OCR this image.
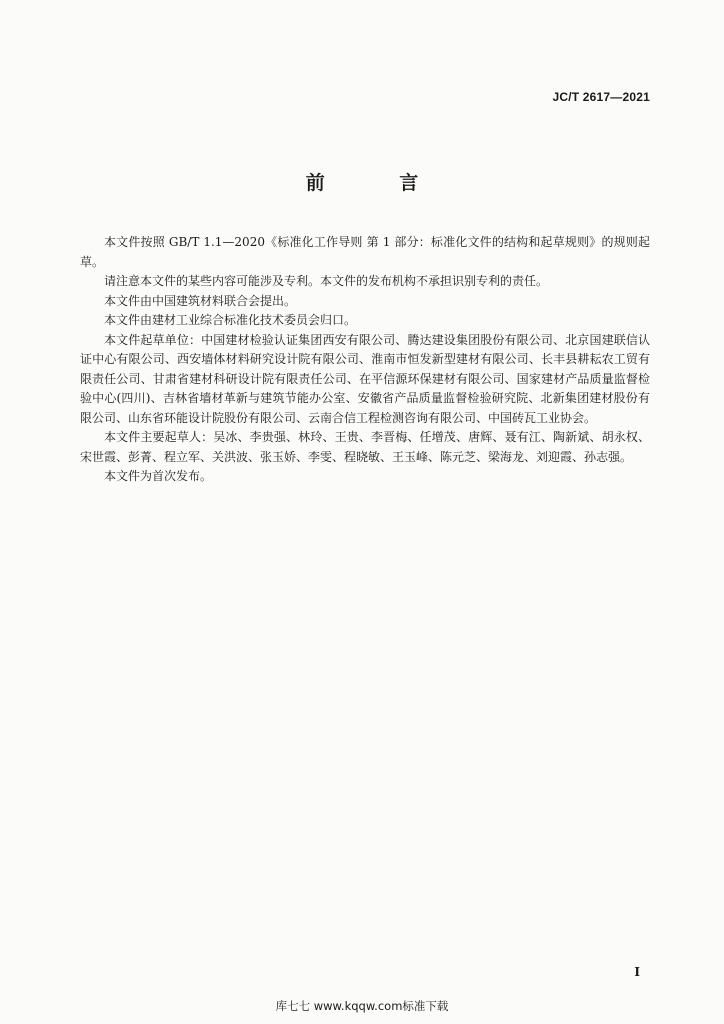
JC/T 2617—2021
前 言

本文件按照 GB/T 1.1—2020《标准化工作导则 第 1 部分：标准化文件的结构和起草规则》的规则起草。

请注意本文件的某些内容可能涉及专利。本文件的发布机构不承担识别专利的责任。

本文件由中国建筑材料联合会提出。

本文件由建材工业综合标准化技术委员会归口。

本文件起草单位：中国建材检验认证集团西安有限公司、腾达建设集团股份有限公司、北京国建联信认证中心有限公司、西安墙体材料研究设计院有限公司、淮南市恒发新型建材有限公司、长丰县耕耘农工贸有限责任公司、甘肃省建材科研设计院有限责任公司、在平信源环保建材有限公司、国家建材产品质量监督检验中心(四川)、吉林省墙材革新与建筑节能办公室、安徽省产品质量监督检验研究院、北新集团建材股份有限公司、山东省环能设计院股份有限公司、云南合信工程检测咨询有限公司、中国砖瓦工业协会。

本文件主要起草人：吴冰、李贵强、林玲、王贵、李晋梅、任增茂、唐辉、聂有江、陶新斌、胡永权、宋世霞、彭菁、程立军、关洪波、张玉娇、李雯、程晓敏、王玉峰、陈元芝、梁海龙、刘迎霞、孙志强。

本文件为首次发布。

I
库七七 www.kqqw.com标准下载
